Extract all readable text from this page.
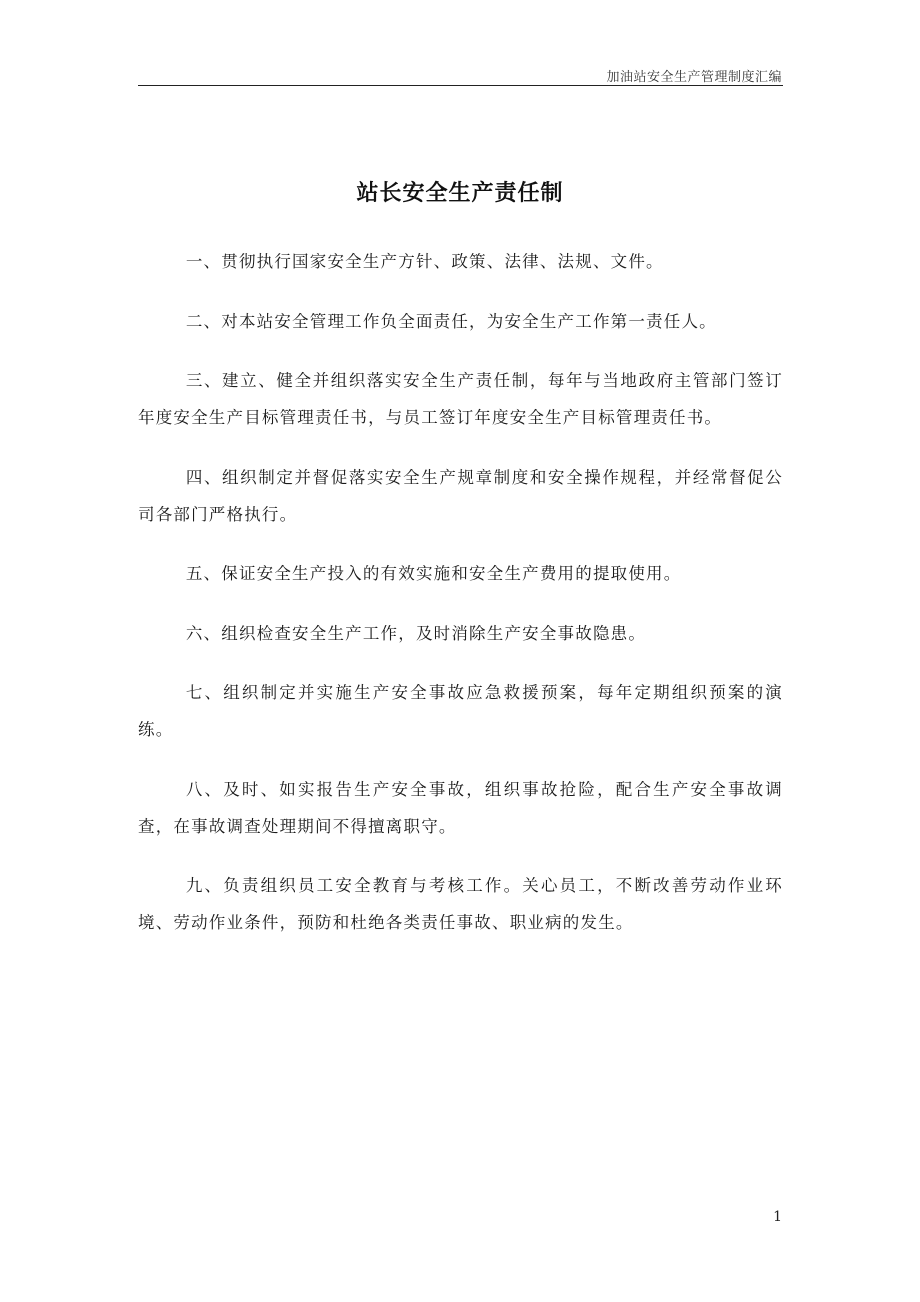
加油站安全生产管理制度汇编
站长安全生产责任制

一、贯彻执行国家安全生产方针、政策、法律、法规、文件。

二、对本站安全管理工作负全面责任，为安全生产工作第一责任人。

三、建立、健全并组织落实安全生产责任制，每年与当地政府主管部门签订年度安全生产目标管理责任书，与员工签订年度安全生产目标管理责任书。

四、组织制定并督促落实安全生产规章制度和安全操作规程，并经常督促公司各部门严格执行。

五、保证安全生产投入的有效实施和安全生产费用的提取使用。

六、组织检查安全生产工作，及时消除生产安全事故隐患。

七、组织制定并实施生产安全事故应急救援预案，每年定期组织预案的演练。

八、及时、如实报告生产安全事故，组织事故抢险，配合生产安全事故调查，在事故调查处理期间不得擅离职守。

九、负责组织员工安全教育与考核工作。关心员工，不断改善劳动作业环境、劳动作业条件，预防和杜绝各类责任事故、职业病的发生。

1
